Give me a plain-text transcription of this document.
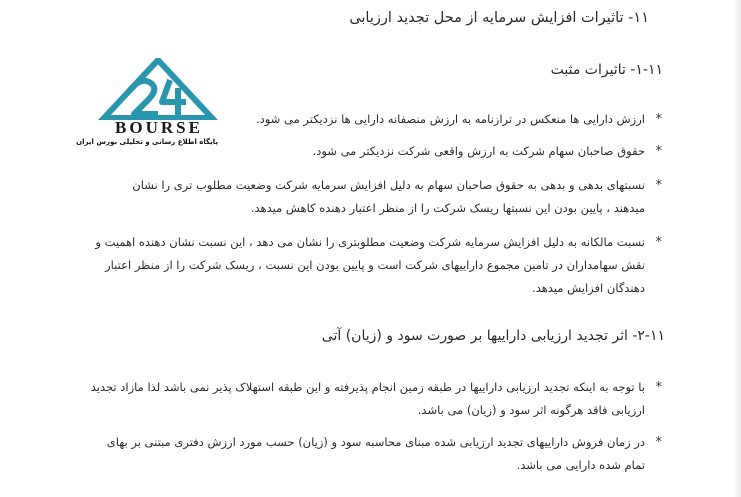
BOURSE
پایگاه اطلاع رسانی و تحلیلی بورس ایران
۱۱- تاثیرات افزایش سرمایه از محل تجدید ارزیابی
۱-۱۱- تاثیرات مثبت
*
ارزش دارایی ها منعکس در ترازنامه به ارزش منصفانه دارایی ها نزدیکتر می شود.
*
حقوق صاحبان سهام شرکت به ارزش واقعی شرکت نزدیکتر می شود.
*
نسبتهای بدهی و بدهی به حقوق صاحبان سهام به دلیل افزایش سرمایه شرکت وضعیت مطلوب تری را نشان میدهند ، پایین بودن این نسبتها ریسک شرکت را از منظر اعتبار دهنده کاهش میدهد.
*
نسبت مالکانه به دلیل افزایش سرمایه شرکت وضعیت مطلوبتری را نشان می دهد ، این نسبت نشان دهنده اهمیت و نقش سهامداران در تامین مجموع داراییهای شرکت است و پایین بودن این نسبت ، ریسک شرکت را از منظر اعتبار دهندگان افزایش میدهد.
۲-۱۱- اثر تجدید ارزیابی داراییها بر صورت سود و (زیان) آتی
*
با توجه به اینکه تجدید ارزیابی داراییها در طبقه زمین انجام پذیرفته و این طبقه استهلاک پذیر نمی باشد لذا مازاد تجدید ارزیابی فاقد هرگونه اثر سود و (زیان) می باشد.
*
در زمان فروش داراییهای تجدید ارزیابی شده مبنای محاسبه سود و (زیان) حسب مورد ارزش دفتری مبتنی بر بهای تمام شده دارایی می باشد.
